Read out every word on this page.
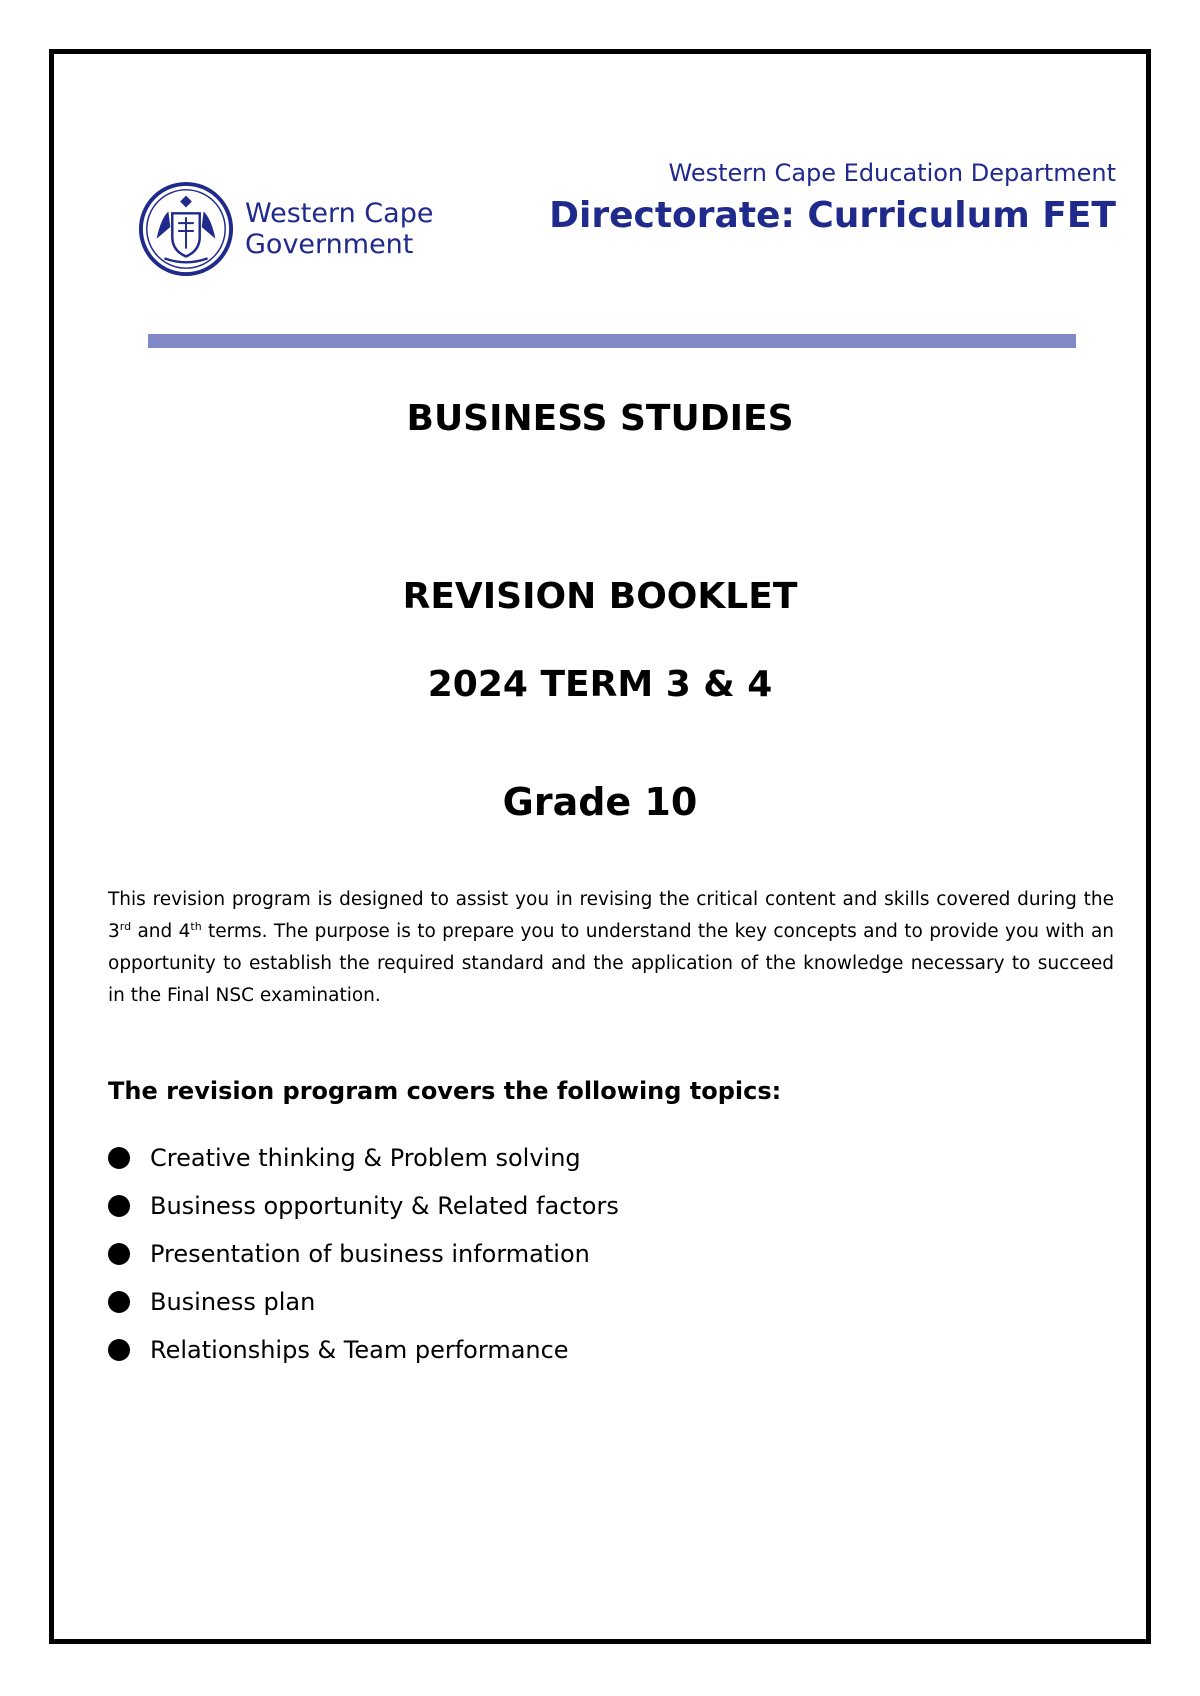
Western Cape
Government
Western Cape Education Department
Directorate: Curriculum FET
BUSINESS STUDIES
REVISION BOOKLET
2024 TERM 3 & 4
Grade 10
This revision program is designed to assist you in revising the critical content and skills covered during the 3rd and 4th terms. The purpose is to prepare you to understand the key concepts and to provide you with an opportunity to establish the required standard and the application of the knowledge necessary to succeed in the Final NSC examination.
The revision program covers the following topics:
Creative thinking & Problem solving
Business opportunity & Related factors
Presentation of business information
Business plan
Relationships & Team performance
